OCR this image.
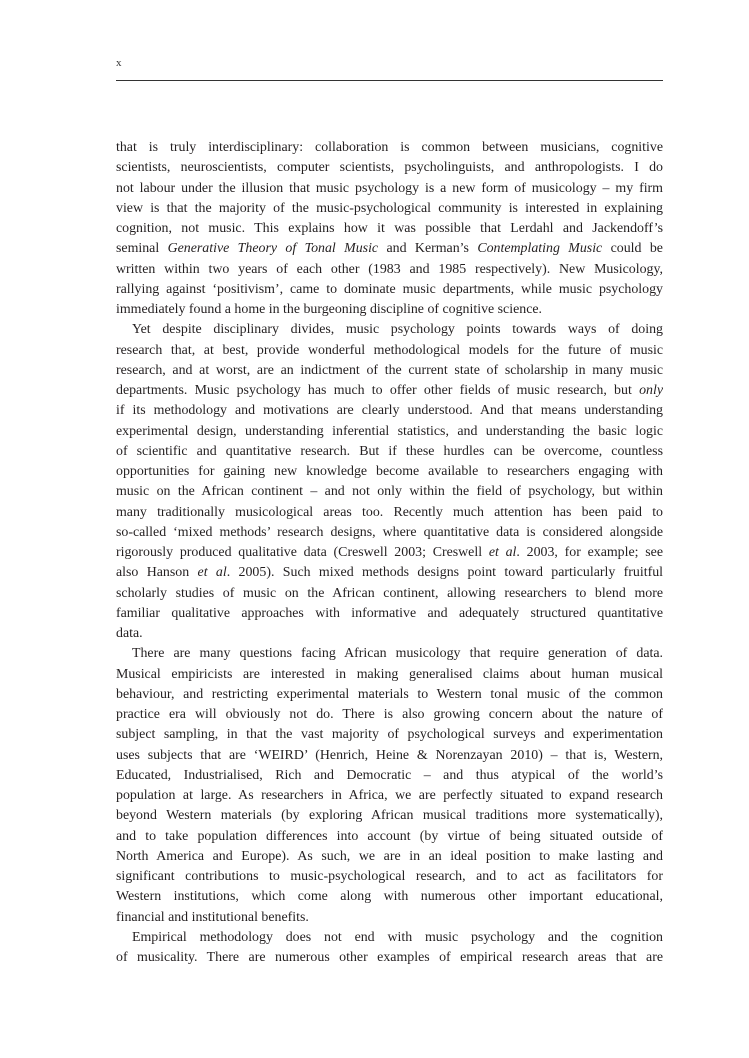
x
that is truly interdisciplinary: collaboration is common between musicians, cognitive
scientists, neuroscientists, computer scientists, psycholinguists, and anthropologists. I do
not labour under the illusion that music psychology is a new form of musicology – my firm
view is that the majority of the music-psychological community is interested in explaining
cognition, not music. This explains how it was possible that Lerdahl and Jackendoff’s
seminal Generative Theory of Tonal Music and Kerman’s Contemplating Music could be
written within two years of each other (1983 and 1985 respectively). New Musicology,
rallying against ‘positivism’, came to dominate music departments, while music psychology
immediately found a home in the burgeoning discipline of cognitive science.
Yet despite disciplinary divides, music psychology points towards ways of doing
research that, at best, provide wonderful methodological models for the future of music
research, and at worst, are an indictment of the current state of scholarship in many music
departments. Music psychology has much to offer other fields of music research, but only
if its methodology and motivations are clearly understood. And that means understanding
experimental design, understanding inferential statistics, and understanding the basic logic
of scientific and quantitative research. But if these hurdles can be overcome, countless
opportunities for gaining new knowledge become available to researchers engaging with
music on the African continent – and not only within the field of psychology, but within
many traditionally musicological areas too. Recently much attention has been paid to
so-called ‘mixed methods’ research designs, where quantitative data is considered alongside
rigorously produced qualitative data (Creswell 2003; Creswell et al. 2003, for example; see
also Hanson et al. 2005). Such mixed methods designs point toward particularly fruitful
scholarly studies of music on the African continent, allowing researchers to blend more
familiar qualitative approaches with informative and adequately structured quantitative
data.
There are many questions facing African musicology that require generation of data.
Musical empiricists are interested in making generalised claims about human musical
behaviour, and restricting experimental materials to Western tonal music of the common
practice era will obviously not do. There is also growing concern about the nature of
subject sampling, in that the vast majority of psychological surveys and experimentation
uses subjects that are ‘WEIRD’ (Henrich, Heine & Norenzayan 2010) – that is, Western,
Educated, Industrialised, Rich and Democratic – and thus atypical of the world’s
population at large. As researchers in Africa, we are perfectly situated to expand research
beyond Western materials (by exploring African musical traditions more systematically),
and to take population differences into account (by virtue of being situated outside of
North America and Europe). As such, we are in an ideal position to make lasting and
significant contributions to music-psychological research, and to act as facilitators for
Western institutions, which come along with numerous other important educational,
financial and institutional benefits.
Empirical methodology does not end with music psychology and the cognition
of musicality. There are numerous other examples of empirical research areas that are
